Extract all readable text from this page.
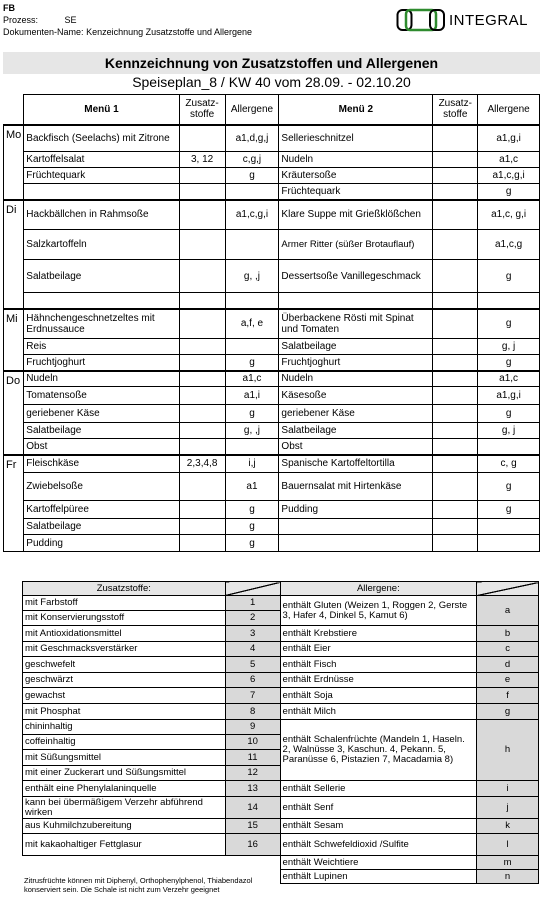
FB
Prozess:	SE
Dokumenten-Name: Kenzeichnung Zusatzstoffe und Allergene
INTEGRAL
Kennzeichnung von Zusatzstoffen und Allergenen
Speiseplan_8 / KW 40 vom 28.09. - 02.10.20
	Menü 1	Zusatz-
stoffe	Allergene	Menü 2	Zusatz-
stoffe	Allergene
Mo	Backfisch (Seelachs) mit Zitrone		a1,d,g,j	Sellerieschnitzel		a1,g,i
	Kartoffelsalat	3, 12	c,g,j	Nudeln		a1,c
	Früchtequark		g	Kräutersoße		a1,c,g,i
				Früchtequark		g
Di	Hackbällchen in Rahmsoße		a1,c,g,i	Klare Suppe mit Grießklößchen		a1,c, g,i
	Salzkartoffeln			Armer Ritter (süßer Brotauflauf)		a1,c,g
	Salatbeilage		g, ,j	Dessertsoße Vanillegeschmack		g

Mi	Hähnchengeschnetzeltes mit Erdnussauce		a,f, e	Überbackene Rösti mit Spinat und Tomaten		g
	Reis			Salatbeilage		g, j
	Fruchtjoghurt		g	Fruchtjoghurt		g
Do	Nudeln		a1,c	Nudeln		a1,c
	Tomatensoße		a1,i	Käsesoße		a1,g,i
	geriebener Käse		g	geriebener Käse		g
	Salatbeilage		g, ,j	Salatbeilage		g, j
	Obst			Obst		
Fr	Fleischkäse	2,3,4,8	i,j	Spanische Kartoffeltortilla		c, g
	Zwiebelsoße		a1	Bauernsalat mit Hirtenkäse		g
	Kartoffelpüree		g	Pudding		g
	Salatbeilage		g			
	Pudding		g			
Zusatzstoffe:		Allergene:	
mit Farbstoff	1	enthält Gluten (Weizen 1, Roggen 2, Gerste 3, Hafer 4, Dinkel 5, Kamut 6)	a
mit Konservierungsstoff	2		
mit Antioxidationsmittel	3	enthält Krebstiere	b
mit Geschmacksverstärker	4	enthält Eier	c
geschwefelt	5	enthält Fisch	d
geschwärzt	6	enthält Erdnüsse	e
gewachst	7	enthält Soja	f
mit Phosphat	8	enthält Milch	g
chininhaltig	9	enthält Schalenfrüchte (Mandeln 1, Haseln. 2, Walnüsse 3, Kaschun. 4, Pekann. 5, Paranüsse 6, Pistazien 7, Macadamia 8)	h
coffeinhaltig	10		
mit Süßungsmittel	11		
mit einer Zuckerart und Süßungsmittel	12		
enthält eine Phenylalaninquelle	13	enthält Sellerie	i
kann bei übermäßigem Verzehr abführend wirken	14	enthält Senf	j
aus Kuhmilchzubereitung	15	enthält Sesam	k
mit kakaohaltiger Fettglasur	16	enthält Schwefeldioxid /Sulfite	l
		enthält Weichtiere	m
		enthält Lupinen	n
Zitrusfrüchte können mit Diphenyl, Orthophenylphenol, Thiabendazol konserviert sein. Die Schale ist nicht zum Verzehr geeignet
